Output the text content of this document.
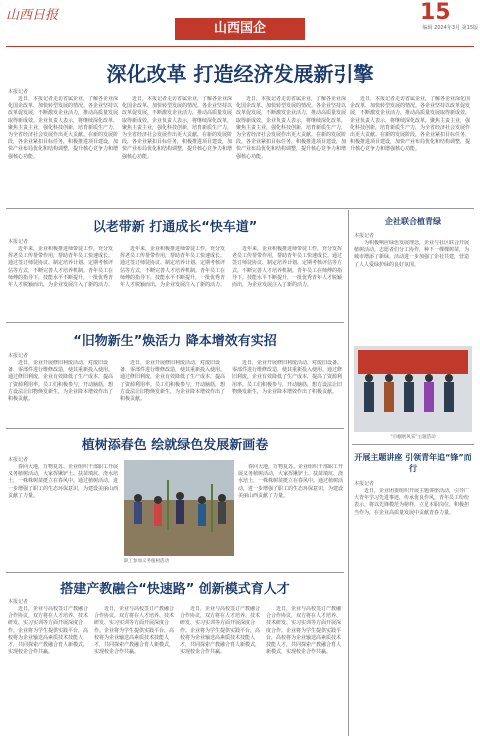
山西日报
山西国企
15
编辑 2024年3月 第15版
深化改革 打造经济发展新引擎
本报记者

近日，本报记者走访省属企业，了解各企业深化国企改革、加快转型发展的情况。各企业坚持以改革促发展，不断激发企业活力，推动高质量发展取得新成效。企业负责人表示，将继续深化改革，聚焦主责主业，强化科技创新，培育新质生产力，为全省经济社会发展作出更大贡献。在新的发展阶段，各企业紧扣目标任务，积极推进项目建设，加快产业布局优化和结构调整，提升核心竞争力和增强核心功能。

近日，本报记者走访省属企业，了解各企业深化国企改革、加快转型发展的情况。各企业坚持以改革促发展，不断激发企业活力，推动高质量发展取得新成效。企业负责人表示，将继续深化改革，聚焦主责主业，强化科技创新，培育新质生产力，为全省经济社会发展作出更大贡献。在新的发展阶段，各企业紧扣目标任务，积极推进项目建设，加快产业布局优化和结构调整，提升核心竞争力和增强核心功能。

近日，本报记者走访省属企业，了解各企业深化国企改革、加快转型发展的情况。各企业坚持以改革促发展，不断激发企业活力，推动高质量发展取得新成效。企业负责人表示，将继续深化改革，聚焦主责主业，强化科技创新，培育新质生产力，为全省经济社会发展作出更大贡献。在新的发展阶段，各企业紧扣目标任务，积极推进项目建设，加快产业布局优化和结构调整，提升核心竞争力和增强核心功能。

近日，本报记者走访省属企业，了解各企业深化国企改革、加快转型发展的情况。各企业坚持以改革促发展，不断激发企业活力，推动高质量发展取得新成效。企业负责人表示，将继续深化改革，聚焦主责主业，强化科技创新，培育新质生产力，为全省经济社会发展作出更大贡献。在新的发展阶段，各企业紧扣目标任务，积极推进项目建设，加快产业布局优化和结构调整，提升核心竞争力和增强核心功能。

以老带新 打通成长“快车道”
本报记者

近年来，企业积极推进师带徒工作，充分发挥老员工传帮带作用，帮助青年员工快速成长。通过签订师徒协议、制定培养计划、定期考核评估等方式，不断完善人才培养机制。青年员工在师傅的指导下，技能水平不断提升，一批优秀青年人才脱颖而出，为企业发展注入了新的活力。

近年来，企业积极推进师带徒工作，充分发挥老员工传帮带作用，帮助青年员工快速成长。通过签订师徒协议、制定培养计划、定期考核评估等方式，不断完善人才培养机制。青年员工在师傅的指导下，技能水平不断提升，一批优秀青年人才脱颖而出，为企业发展注入了新的活力。

近年来，企业积极推进师带徒工作，充分发挥老员工传帮带作用，帮助青年员工快速成长。通过签订师徒协议、制定培养计划、定期考核评估等方式，不断完善人才培养机制。青年员工在师傅的指导下，技能水平不断提升，一批优秀青年人才脱颖而出，为企业发展注入了新的活力。

“旧物新生”焕活力 降本增效有实招
本报记者

近日，企业开展修旧利废活动，对废旧设备、零部件进行维修改造，使其重新投入使用。通过修旧利废，企业有效降低了生产成本，提高了资源利用率。员工们积极参与，开动脑筋，想方设法让旧物焕发新生，为企业降本增效作出了积极贡献。

近日，企业开展修旧利废活动，对废旧设备、零部件进行维修改造，使其重新投入使用。通过修旧利废，企业有效降低了生产成本，提高了资源利用率。员工们积极参与，开动脑筋，想方设法让旧物焕发新生，为企业降本增效作出了积极贡献。

近日，企业开展修旧利废活动，对废旧设备、零部件进行维修改造，使其重新投入使用。通过修旧利废，企业有效降低了生产成本，提高了资源利用率。员工们积极参与，开动脑筋，想方设法让旧物焕发新生，为企业降本增效作出了积极贡献。

植树添春色 绘就绿色发展新画卷
本报记者

春回大地，万物复苏。企业组织干部职工开展义务植树活动，大家挥锹铲土、扶苗填坑、浇水培土，一株株树苗挺立在春风中。通过植树活动，进一步增强了职工的生态环保意识，为建设美丽山西贡献了力量。

职工参加义务植树活动

春回大地，万物复苏。企业组织干部职工开展义务植树活动，大家挥锹铲土、扶苗填坑、浇水培土，一株株树苗挺立在春风中。通过植树活动，进一步增强了职工的生态环保意识，为建设美丽山西贡献了力量。

搭建产教融合“快速路” 创新模式育人才
本报记者

近日，企业与高校签订产教融合合作协议，双方将在人才培养、技术研发、实习实训等方面开展深度合作。企业将为学生提供实践平台，高校将为企业输送高素质技术技能人才，共同探索产教融合育人新模式，实现校企合作共赢。

近日，企业与高校签订产教融合合作协议，双方将在人才培养、技术研发、实习实训等方面开展深度合作。企业将为学生提供实践平台，高校将为企业输送高素质技术技能人才，共同探索产教融合育人新模式，实现校企合作共赢。

近日，企业与高校签订产教融合合作协议，双方将在人才培养、技术研发、实习实训等方面开展深度合作。企业将为学生提供实践平台，高校将为企业输送高素质技术技能人才，共同探索产教融合育人新模式，实现校企合作共赢。

近日，企业与高校签订产教融合合作协议，双方将在人才培养、技术研发、实习实训等方面开展深度合作。企业将为学生提供实践平台，高校将为企业输送高素质技术技能人才，共同探索产教融合育人新模式，实现校企合作共赢。

企社联合植青绿
本报记者

为积极响应绿色发展理念，企业与社区联合开展植树活动。志愿者们分工协作，种下一棵棵树苗，为城市增添了新绿。活动进一步加强了企社共建，营造了人人爱绿护绿的良好氛围。

“巾帼展风采”主题活动
开展主题讲座 引领青年追“锋”而行
本报记者

近日，企业团委组织开展主题讲座活动，引导广大青年学习先进事迹，传承优良作风。青年员工纷纷表示，将以先锋模范为榜样，立足本职岗位，积极担当作为，在企业高质量发展中贡献青春力量。
